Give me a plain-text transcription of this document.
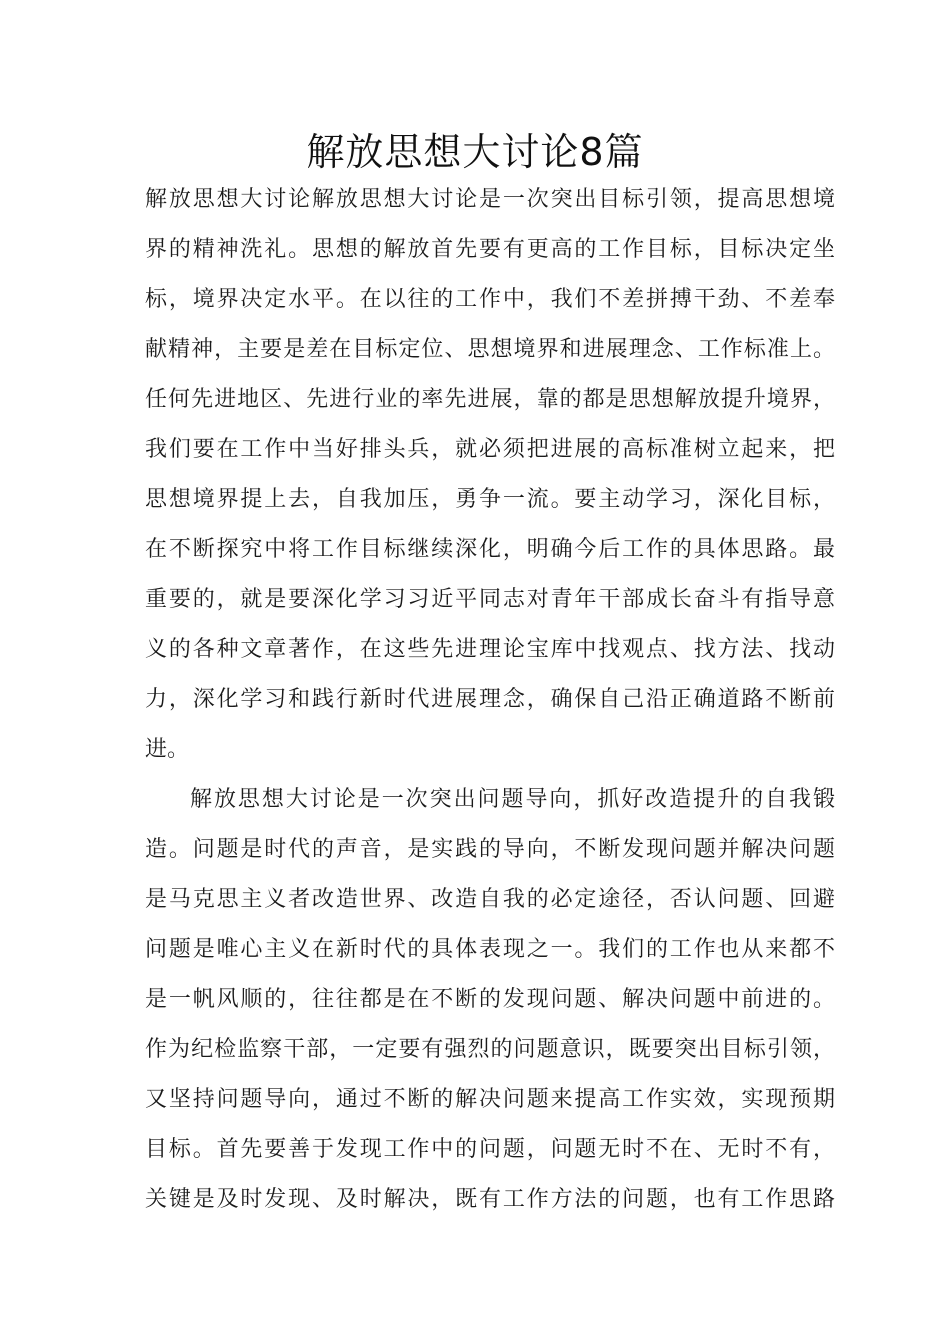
解放思想大讨论8篇
解放思想大讨论解放思想大讨论是一次突出目标引领，提高思想境
界的精神洗礼。思想的解放首先要有更高的工作目标，目标决定坐
标，境界决定水平。在以往的工作中，我们不差拼搏干劲、不差奉
献精神，主要是差在目标定位、思想境界和进展理念、工作标准上。
任何先进地区、先进行业的率先进展，靠的都是思想解放提升境界，
我们要在工作中当好排头兵，就必须把进展的高标准树立起来，把
思想境界提上去，自我加压，勇争一流。要主动学习，深化目标，
在不断探究中将工作目标继续深化，明确今后工作的具体思路。最
重要的，就是要深化学习习近平同志对青年干部成长奋斗有指导意
义的各种文章著作，在这些先进理论宝库中找观点、找方法、找动
力，深化学习和践行新时代进展理念，确保自己沿正确道路不断前
进。
解放思想大讨论是一次突出问题导向，抓好改造提升的自我锻
造。问题是时代的声音，是实践的导向，不断发现问题并解决问题
是马克思主义者改造世界、改造自我的必定途径，否认问题、回避
问题是唯心主义在新时代的具体表现之一。我们的工作也从来都不
是一帆风顺的，往往都是在不断的发现问题、解决问题中前进的。
作为纪检监察干部，一定要有强烈的问题意识，既要突出目标引领，
又坚持问题导向，通过不断的解决问题来提高工作实效，实现预期
目标。首先要善于发现工作中的问题，问题无时不在、无时不有，
关键是及时发现、及时解决，既有工作方法的问题，也有工作思路
